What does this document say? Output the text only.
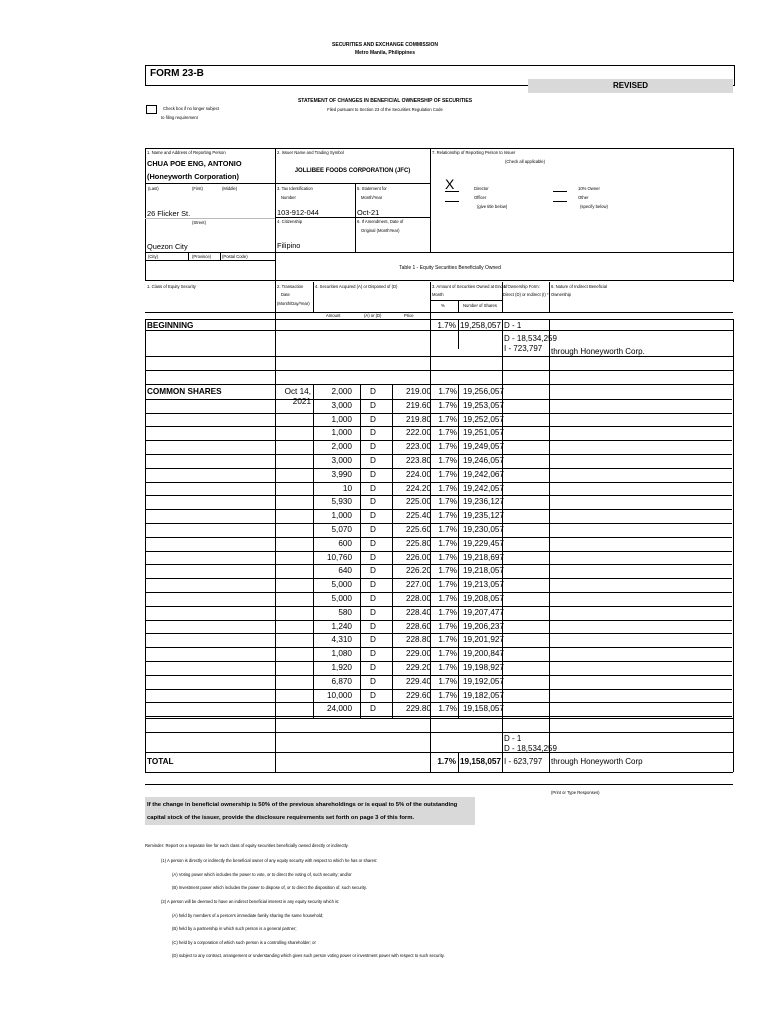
SECURITIES AND EXCHANGE COMMISSION
Metro Manila, Philippines
FORM 23-B
REVISED
STATEMENT OF CHANGES IN BENEFICIAL OWNERSHIP OF SECURITIES
Filed pursuant to Section 23 of the Securities Regulation Code
Check box if no longer subject
to filing requirement
1. Name and Address of Reporting Person
CHUA POE ENG, ANTONIO
(Honeyworth Corporation)
(Last)	(First)	(Middle)
26 Flicker St.
(Street)
Quezon City
(City)	(Province)	(Postal Code)
2. Issuer Name and Trading Symbol
JOLLIBEE FOODS CORPORATION (JFC)
3. Tax Identification
Number
5. Statement for
Month/Year
103-912-044	Oct-21
4. Citizenship	6. If Amendment, Date of
Original (MonthYear)
Filipino
7. Relationship of Reporting Person to Issuer
(Check all applicable)
X	Director
Officer
(give title below)
10% Owner
Other
(specify below)
Table 1 - Equity Securities Beneficially Owned
1. Class of Equity Security	2. Transaction
Date
(Month/Day/Year)
4. Securities Acquired (A) or Disposed of (D)
Amount	(A) or (D)	Price
3. Amount of Securities Owned at End of
Month
%	Number of Shares
4. Ownership Form:
Direct (D) or Indirect (I) *
6. Nature of Indirect Beneficial
Ownership
BEGINNING	1.7% 19,258,057 D - 1
D - 18,534,259
I - 723,797 through Honeyworth Corp.
COMMON SHARES	Oct 14, 2021
2,000	D	219.00 1.7% 19,256,057
3,000	D	219.60 1.7% 19,253,057
1,000	D	219.80 1.7% 19,252,057
1,000	D	222.00 1.7% 19,251,057
2,000	D	223.00 1.7% 19,249,057
3,000	D	223.80 1.7% 19,246,057
3,990	D	224.00 1.7% 19,242,067
10	D	224.20 1.7% 19,242,057
5,930	D	225.00 1.7% 19,236,127
1,000	D	225.40 1.7% 19,235,127
5,070	D	225.60 1.7% 19,230,057
600	D	225.80 1.7% 19,229,457
10,760	D	226.00 1.7% 19,218,697
640	D	226.20 1.7% 19,218,057
5,000	D	227.00 1.7% 19,213,057
5,000	D	228.00 1.7% 19,208,057
580	D	228.40 1.7% 19,207,477
1,240	D	228.60 1.7% 19,206,237
4,310	D	228.80 1.7% 19,201,927
1,080	D	229.00 1.7% 19,200,847
1,920	D	229.20 1.7% 19,198,927
6,870	D	229.40 1.7% 19,192,057
10,000	D	229.60 1.7% 19,182,057
24,000	D	229.80 1.7% 19,158,057
D - 1
D - 18,534,259
TOTAL	1.7% 19,158,057 I - 623,797 through Honeyworth Corp
(Print or Type Responses)
If the change in beneficial ownership is 50% of the previous shareholdings or is equal to 5% of the outstanding
capital stock of the issuer, provide the disclosure requirements set forth on page 3 of this form.
Reminder: Report on a separate line for each class of equity securities beneficially owned directly or indirectly.
(1) A person is directly or indirectly the beneficial owner of any equity security with respect to which he has or shares:
(A) Voting power which includes the power to vote, or to direct the voting of, such security; and/or
(B) Investment power which includes the power to dispose of, or to direct the disposition of, such security.
(2) A person will be deemed to have an indirect beneficial interest in any equity security which is:
(A) held by members of a person's immediate family sharing the same household;
(B) held by a partnership in which such person is a general partner;
(C) held by a corporation of which such person is a controlling shareholder; or
(D) subject to any contract, arrangement or understanding which gives such person voting power or investment power with respect to such security.
